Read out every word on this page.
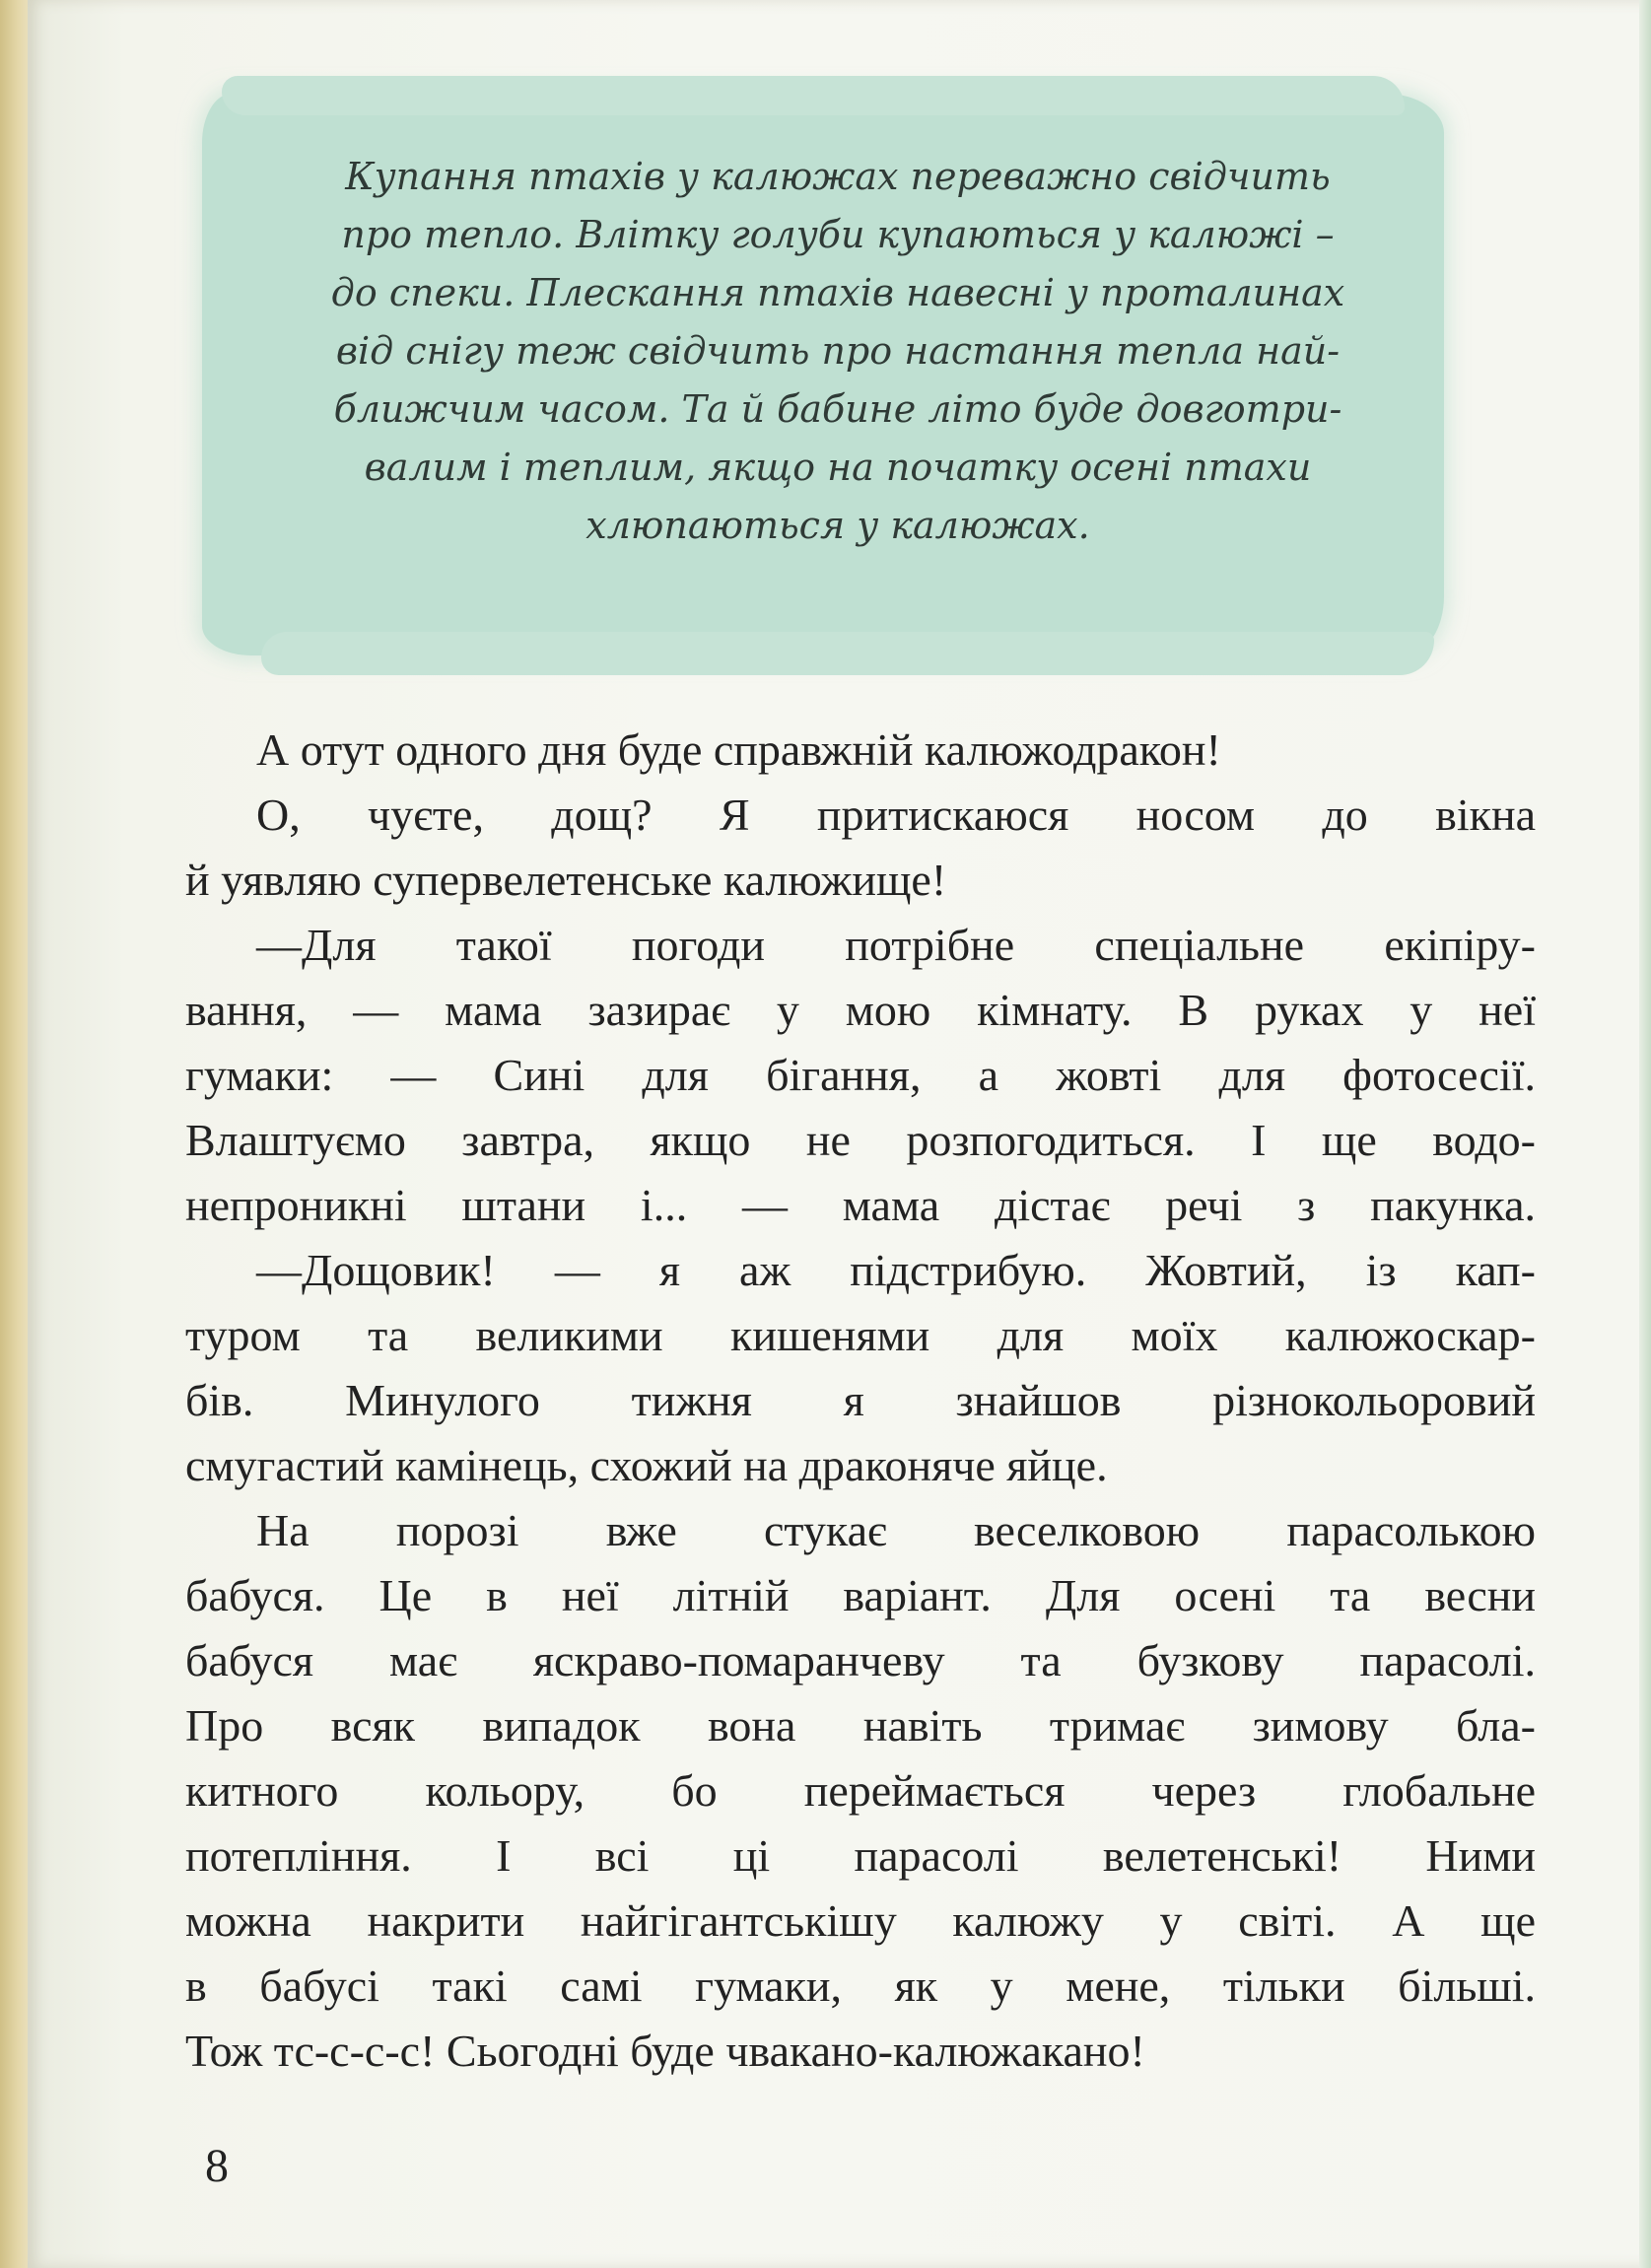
Купання птахів у калюжах переважно свідчить
про тепло. Влітку голуби купаються у калюжі –
до спеки. Плескання птахів навесні у проталинах
від снігу теж свідчить про настання тепла най-
ближчим часом. Та й бабине літо буде довготри-
валим і теплим, якщо на початку осені птахи
хлюпаються у калюжах.

А отут одного дня буде справжній калюжодракон!
О, чуєте, дощ? Я притискаюся носом до вікна
й уявляю супервелетенське калюжище!
—Для такої погоди потрібне спеціальне екіпіру-
вання, — мама зазирає у мою кімнату. В руках у неї
гумаки: — Сині для бігання, а жовті для фотосесії.
Влаштуємо завтра, якщо не розпогодиться. І ще водо-
непроникні штани і... — мама дістає речі з пакунка.
—Дощовик! — я аж підстрибую. Жовтий, із кап-
туром та великими кишенями для моїх калюжоскар-
бів. Минулого тижня я знайшов різнокольоровий
смугастий камінець, схожий на драконяче яйце.
На порозі вже стукає веселковою парасолькою
бабуся. Це в неї літній варіант. Для осені та весни
бабуся має яскраво-помаранчеву та бузкову парасолі.
Про всяк випадок вона навіть тримає зимову бла-
китного кольору, бо переймається через глобальне
потепління. І всі ці парасолі велетенські! Ними
можна накрити найгігантськішу калюжу у світі. А ще
в бабусі такі самі гумаки, як у мене, тільки більші.
Тож тс-с-с-с! Сьогодні буде чвакано-калюжакано!
8
